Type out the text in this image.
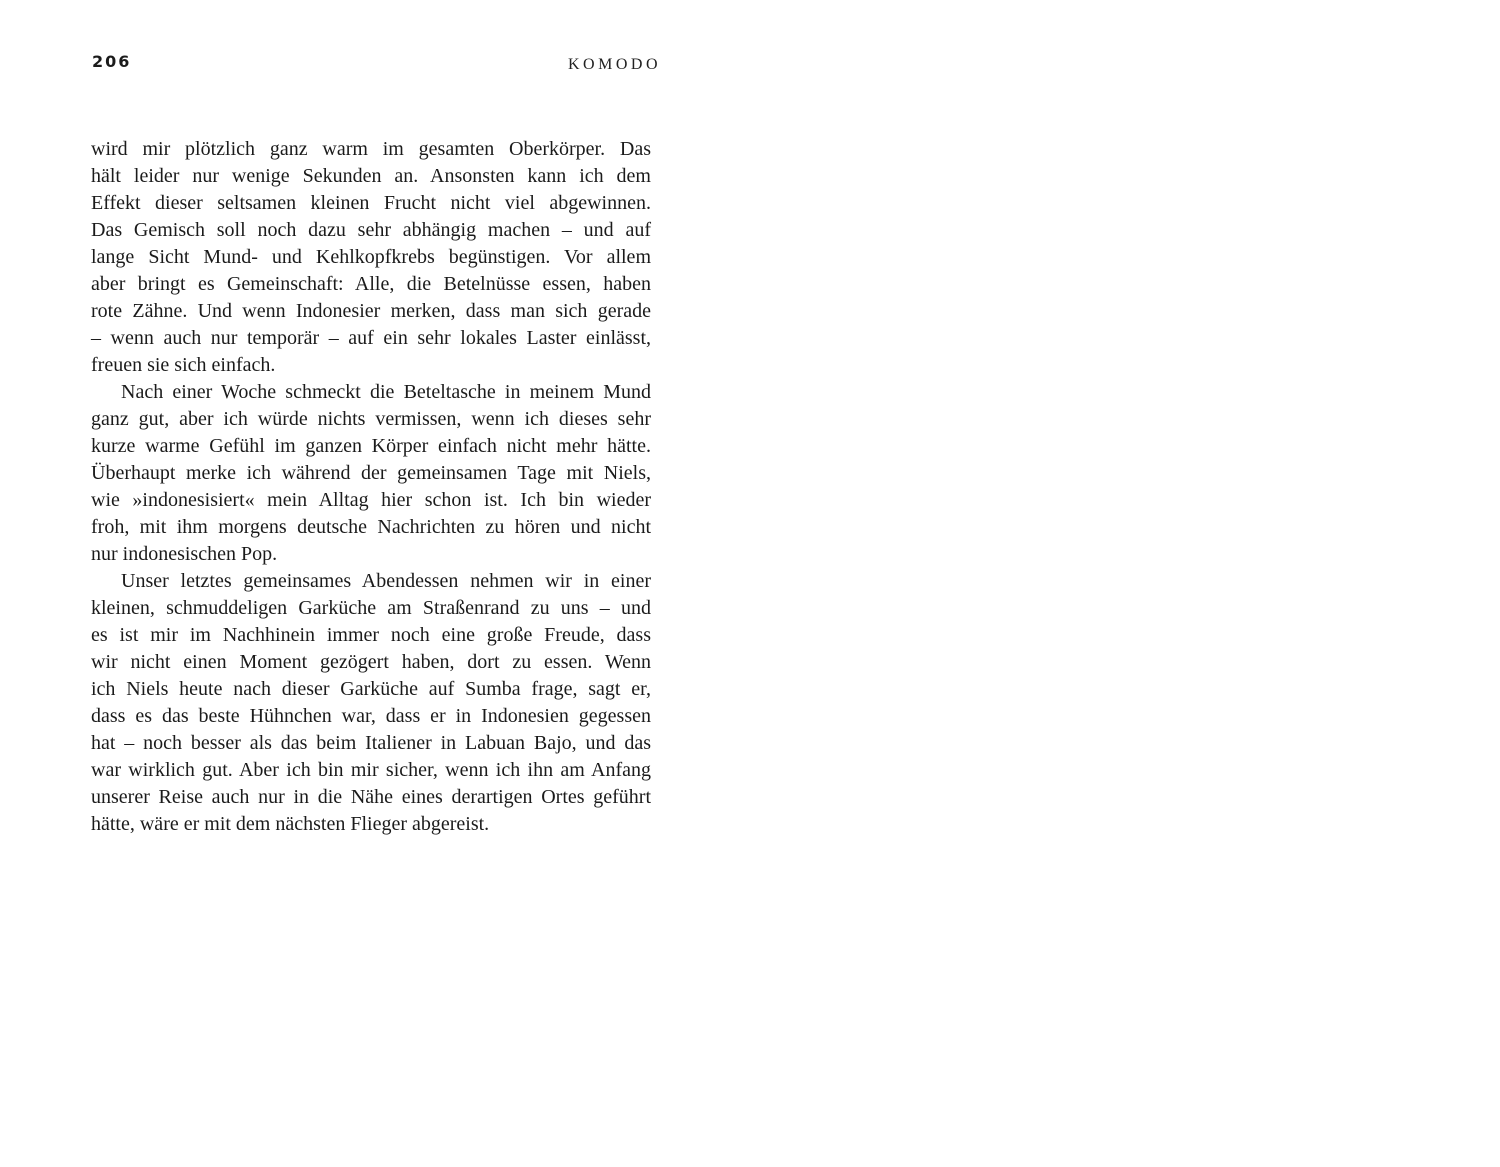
206	KOMODO
wird mir plötzlich ganz warm im gesamten Oberkörper. Das
hält leider nur wenige Sekunden an. Ansonsten kann ich dem
Effekt dieser seltsamen kleinen Frucht nicht viel abgewinnen.
Das Gemisch soll noch dazu sehr abhängig machen – und auf
lange Sicht Mund- und Kehlkopfkrebs begünstigen. Vor allem
aber bringt es Gemeinschaft: Alle, die Betelnüsse essen, haben
rote Zähne. Und wenn Indonesier merken, dass man sich gerade
– wenn auch nur temporär – auf ein sehr lokales Laster einlässt,
freuen sie sich einfach.
Nach einer Woche schmeckt die Beteltasche in meinem Mund
ganz gut, aber ich würde nichts vermissen, wenn ich dieses sehr
kurze warme Gefühl im ganzen Körper einfach nicht mehr hätte.
Überhaupt merke ich während der gemeinsamen Tage mit Niels,
wie »indonesisiert« mein Alltag hier schon ist. Ich bin wieder
froh, mit ihm morgens deutsche Nachrichten zu hören und nicht
nur indonesischen Pop.
Unser letztes gemeinsames Abendessen nehmen wir in einer
kleinen, schmuddeligen Garküche am Straßenrand zu uns – und
es ist mir im Nachhinein immer noch eine große Freude, dass
wir nicht einen Moment gezögert haben, dort zu essen. Wenn
ich Niels heute nach dieser Garküche auf Sumba frage, sagt er,
dass es das beste Hühnchen war, dass er in Indonesien gegessen
hat – noch besser als das beim Italiener in Labuan Bajo, und das
war wirklich gut. Aber ich bin mir sicher, wenn ich ihn am Anfang
unserer Reise auch nur in die Nähe eines derartigen Ortes geführt
hätte, wäre er mit dem nächsten Flieger abgereist.
